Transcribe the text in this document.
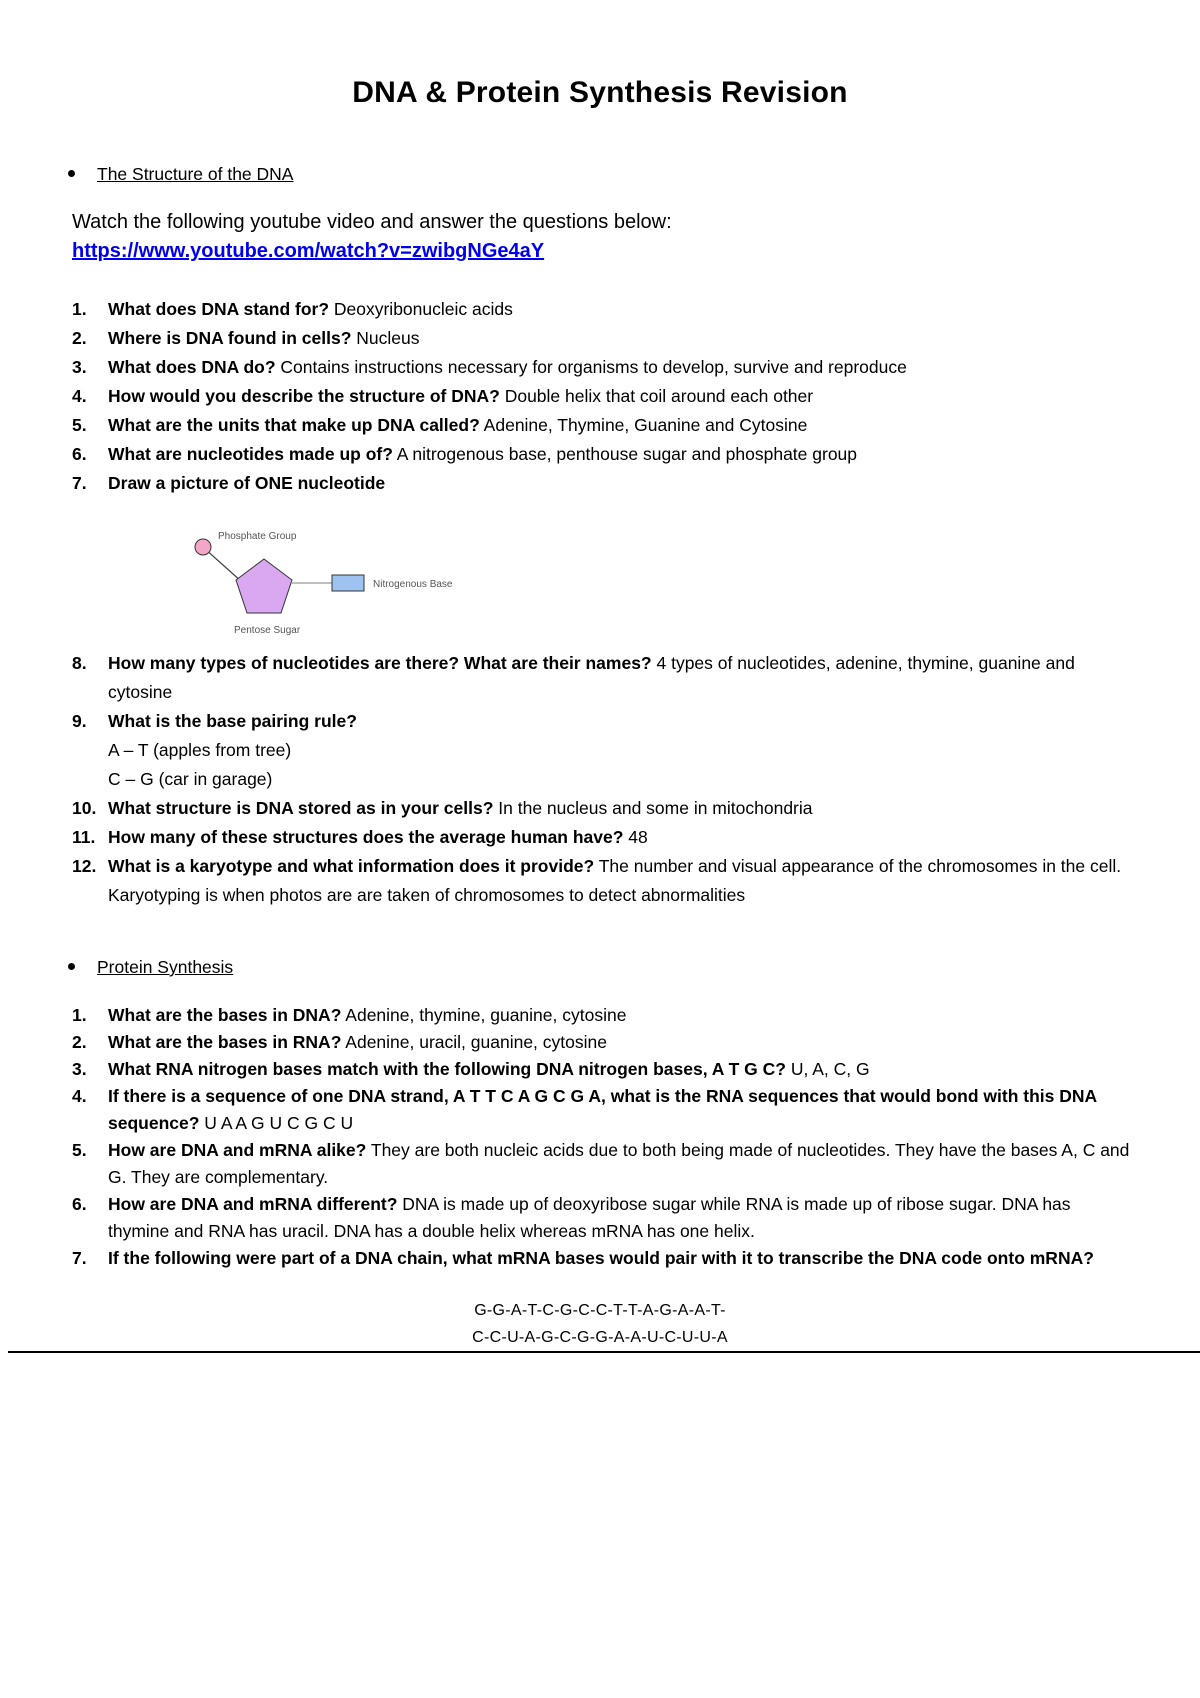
DNA & Protein Synthesis Revision
The Structure of the DNA
Watch the following youtube video and answer the questions below:
https://www.youtube.com/watch?v=zwibgNGe4aY
1.	What does DNA stand for? Deoxyribonucleic acids
2.	Where is DNA found in cells? Nucleus
3.	What does DNA do? Contains instructions necessary for organisms to develop, survive and reproduce
4.	How would you describe the structure of DNA? Double helix that coil around each other
5.	What are the units that make up DNA called? Adenine, Thymine, Guanine and Cytosine
6.	What are nucleotides made up of? A nitrogenous base, penthouse sugar and phosphate group
7.	Draw a picture of ONE nucleotide
Phosphate Group
Nitrogenous Base
Pentose Sugar
8.	How many types of nucleotides are there? What are their names? 4 types of nucleotides, adenine, thymine, guanine and cytosine
9.	What is the base pairing rule?
A – T (apples from tree)
C – G (car in garage)
10. What structure is DNA stored as in your cells? In the nucleus and some in mitochondria
11. How many of these structures does the average human have? 48
12. What is a karyotype and what information does it provide? The number and visual appearance of the chromosomes in the cell. Karyotyping is when photos are are taken of chromosomes to detect abnormalities
Protein Synthesis
1.	What are the bases in DNA? Adenine, thymine, guanine, cytosine
2.	What are the bases in RNA? Adenine, uracil, guanine, cytosine
3.	What RNA nitrogen bases match with the following DNA nitrogen bases, A T G C? U, A, C, G
4.	If there is a sequence of one DNA strand, A T T C A G C G A, what is the RNA sequences that would bond with this DNA sequence? U A A G U C G C U
5.	How are DNA and mRNA alike? They are both nucleic acids due to both being made of nucleotides. They have the bases A, C and G. They are complementary.
6.	How are DNA and mRNA different? DNA is made up of deoxyribose sugar while RNA is made up of ribose sugar. DNA has thymine and RNA has uracil. DNA has a double helix whereas mRNA has one helix.
7.	If the following were part of a DNA chain, what mRNA bases would pair with it to transcribe the DNA code onto mRNA?
G-G-A-T-C-G-C-C-T-T-A-G-A-A-T-
C-C-U-A-G-C-G-G-A-A-U-C-U-U-A
